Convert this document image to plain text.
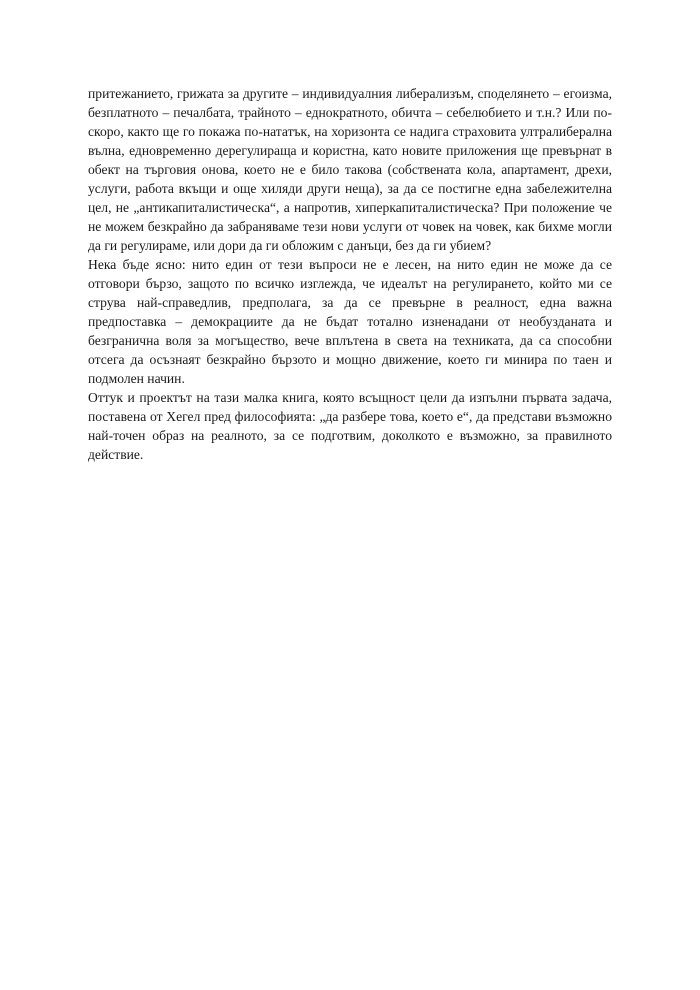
притежанието, грижата за другите – индивидуалния либерализъм, споделянето – егоизма, безплатното – печалбата, трайното – еднократното, обичта – себелюбието и т.н.? Или по-скоро, както ще го покажа по-нататък, на хоризонта се надига страховита ултралиберална вълна, едновременно дерегулираща и користна, като новите приложения ще превърнат в обект на търговия онова, което не е било такова (собствената кола, апартамент, дрехи, услуги, работа вкъщи и още хиляди други неща), за да се постигне една забележителна цел, не „антикапиталистическа“, а напротив, хиперкапиталистическа? При положение че не можем безкрайно да забраняваме тези нови услуги от човек на човек, как бихме могли да ги регулираме, или дори да ги обложим с данъци, без да ги убием?

Нека бъде ясно: нито един от тези въпроси не е лесен, на нито един не може да се отговори бързо, защото по всичко изглежда, че идеалът на регулирането, който ми се струва най-справедлив, предполага, за да се превърне в реалност, една важна предпоставка – демокрациите да не бъдат тотално изненадани от необузданата и безгранична воля за могъщество, вече вплътена в света на техниката, да са способни отсега да осъзнаят безкрайно бързото и мощно движение, което ги минира по таен и подмолен начин.

Оттук и проектът на тази малка книга, която всъщност цели да изпълни първата задача, поставена от Хегел пред философията: „да разбере това, което е“, да представи възможно най-точен образ на реалното, за се подготвим, доколкото е възможно, за правилното действие.
